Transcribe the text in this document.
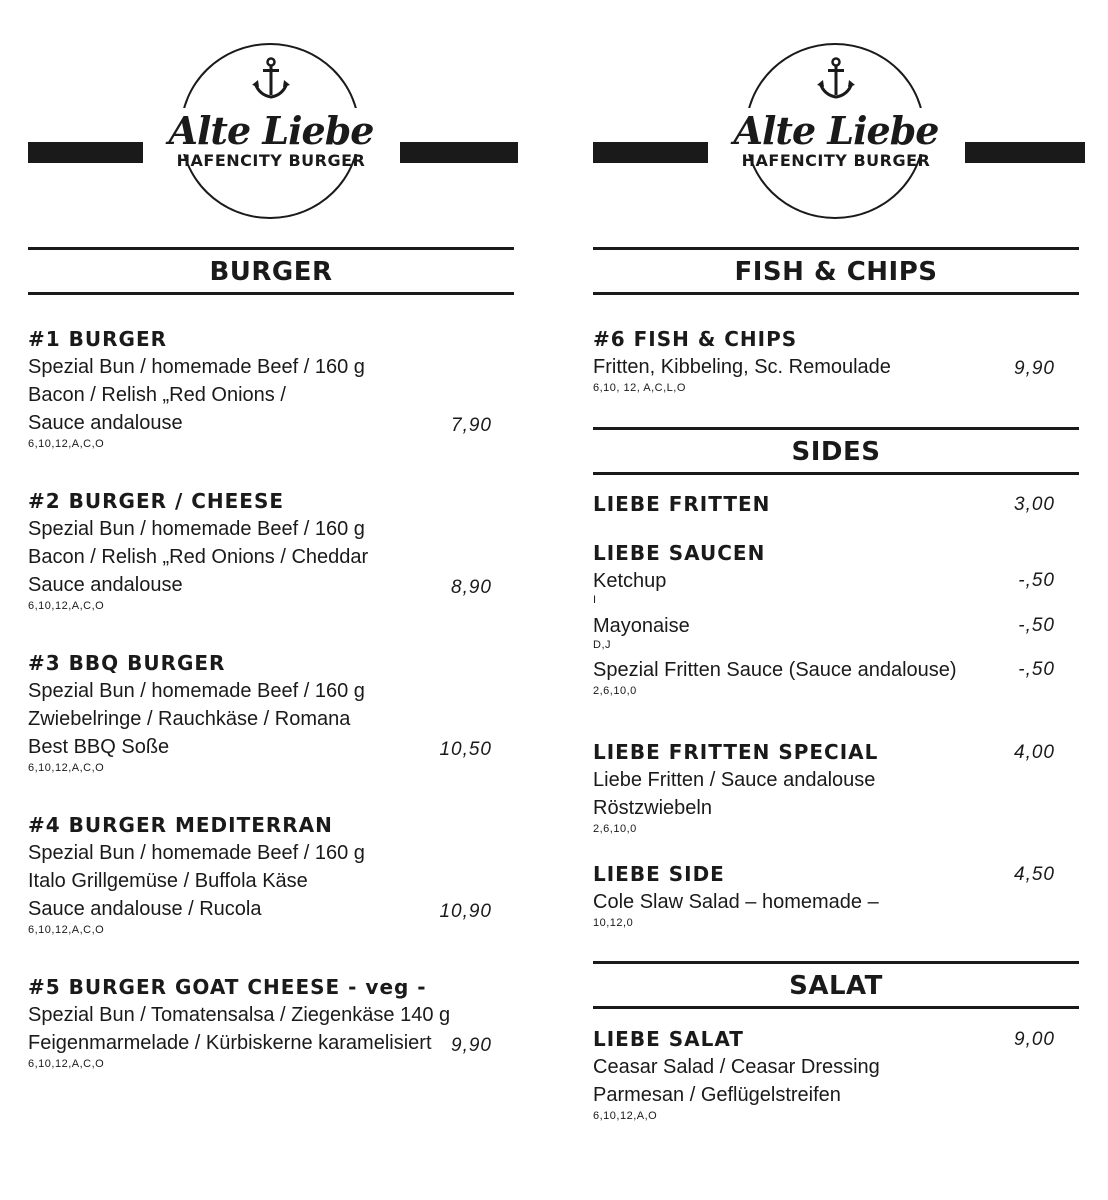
Alte Liebe
HAFENCITY BURGER
BURGER
#1 BURGER
Spezial Bun / homemade Beef / 160 g
Bacon / Relish „Red Onions /
Sauce andalouse
6,10,12,A,C,O
7,90
#2 BURGER / CHEESE
Spezial Bun / homemade Beef / 160 g
Bacon / Relish „Red Onions / Cheddar
Sauce andalouse
6,10,12,A,C,O
8,90
#3 BBQ BURGER
Spezial Bun / homemade Beef / 160 g
Zwiebelringe / Rauchkäse / Romana
Best BBQ Soße
6,10,12,A,C,O
10,50
#4 BURGER MEDITERRAN
Spezial Bun / homemade Beef / 160 g
Italo Grillgemüse / Buffola Käse
Sauce andalouse / Rucola
6,10,12,A,C,O
10,90
#5 BURGER GOAT CHEESE - veg -
Spezial Bun / Tomatensalsa / Ziegenkäse 140 g
Feigenmarmelade / Kürbiskerne karamelisiert
6,10,12,A,C,O
9,90
Alte Liebe
HAFENCITY BURGER
FISH & CHIPS
#6 FISH & CHIPS
Fritten, Kibbeling, Sc. Remoulade
6,10, 12, A,C,L,O
9,90
SIDES
LIEBE FRITTEN	3,00
LIEBE SAUCEN
Ketchup
I
-,50
Mayonaise
D,J
-,50
Spezial Fritten Sauce (Sauce andalouse)
2,6,10,0
-,50
LIEBE FRITTEN SPECIAL
Liebe Fritten / Sauce andalouse
Röstzwiebeln
2,6,10,0
4,00
LIEBE SIDE
Cole Slaw Salad – homemade –
10,12,0
4,50
SALAT
LIEBE SALAT
Ceasar Salad / Ceasar Dressing
Parmesan / Geflügelstreifen
6,10,12,A,O
9,00
